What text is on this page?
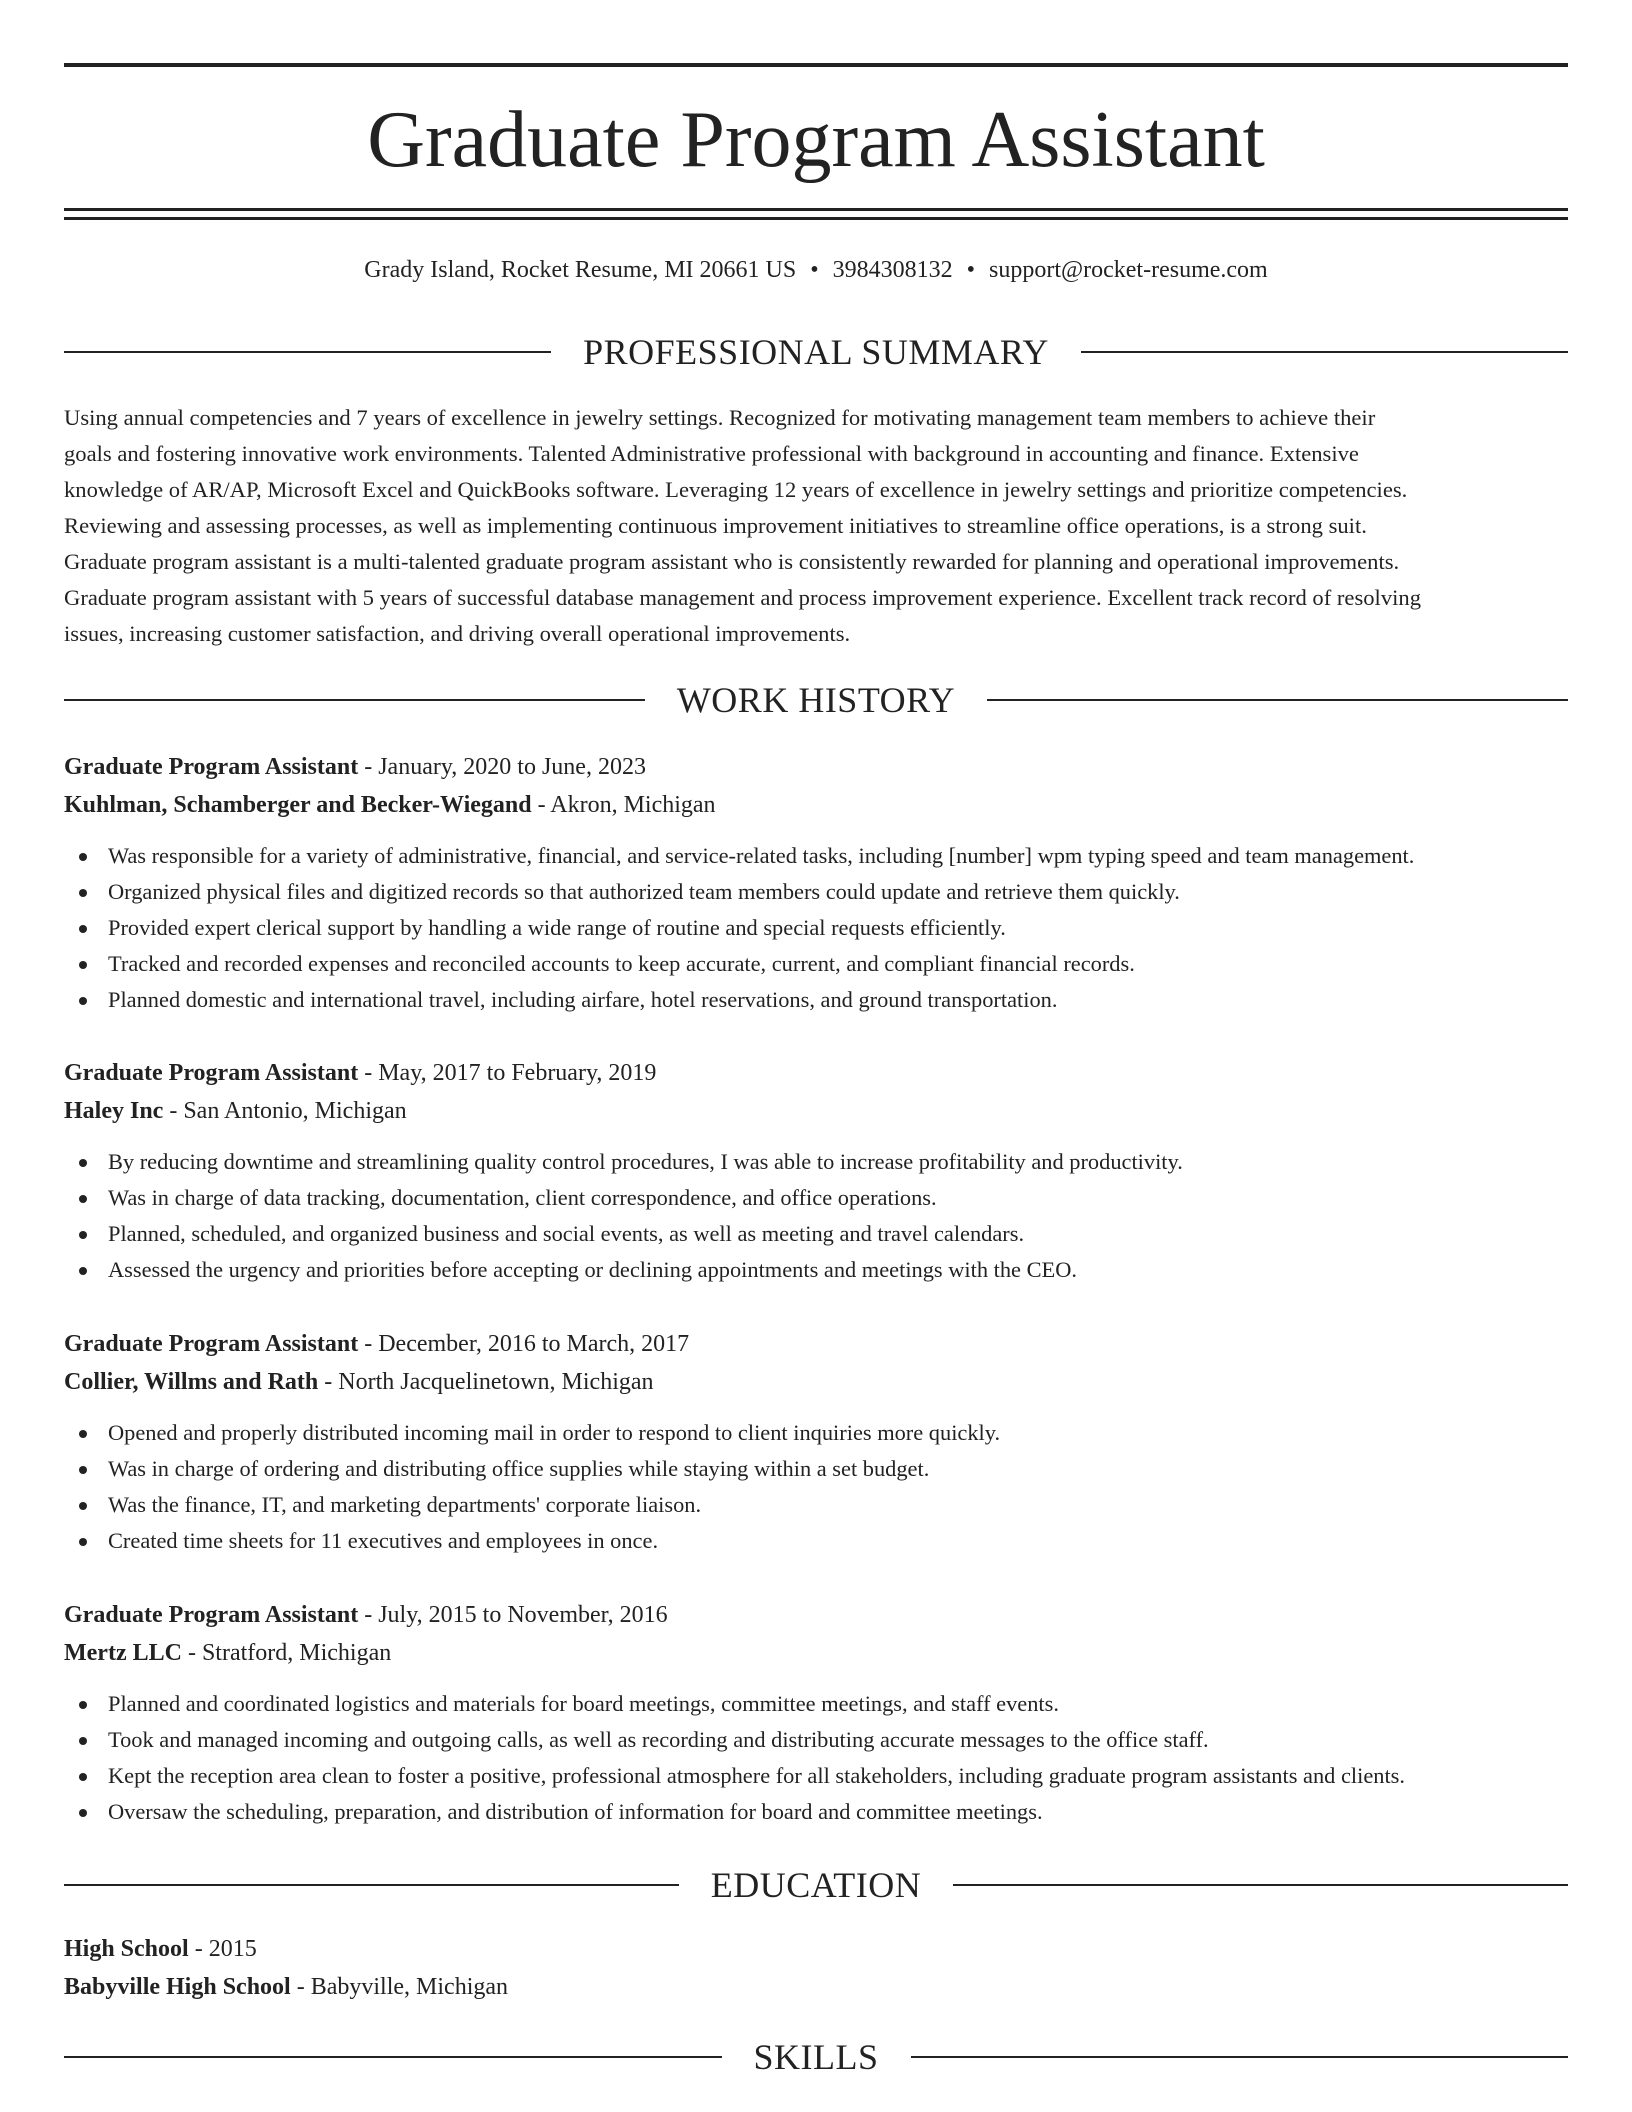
Graduate Program Assistant
Grady Island, Rocket Resume, MI 20661 US • 3984308132 • support@rocket-resume.com
PROFESSIONAL SUMMARY
Using annual competencies and 7 years of excellence in jewelry settings. Recognized for motivating management team members to achieve their
goals and fostering innovative work environments. Talented Administrative professional with background in accounting and finance. Extensive
knowledge of AR/AP, Microsoft Excel and QuickBooks software. Leveraging 12 years of excellence in jewelry settings and prioritize competencies.
Reviewing and assessing processes, as well as implementing continuous improvement initiatives to streamline office operations, is a strong suit.
Graduate program assistant is a multi-talented graduate program assistant who is consistently rewarded for planning and operational improvements.
Graduate program assistant with 5 years of successful database management and process improvement experience. Excellent track record of resolving
issues, increasing customer satisfaction, and driving overall operational improvements.
WORK HISTORY
Graduate Program Assistant - January, 2020 to June, 2023
Kuhlman, Schamberger and Becker-Wiegand - Akron, Michigan
Was responsible for a variety of administrative, financial, and service-related tasks, including [number] wpm typing speed and team management.
Organized physical files and digitized records so that authorized team members could update and retrieve them quickly.
Provided expert clerical support by handling a wide range of routine and special requests efficiently.
Tracked and recorded expenses and reconciled accounts to keep accurate, current, and compliant financial records.
Planned domestic and international travel, including airfare, hotel reservations, and ground transportation.
Graduate Program Assistant - May, 2017 to February, 2019
Haley Inc - San Antonio, Michigan
By reducing downtime and streamlining quality control procedures, I was able to increase profitability and productivity.
Was in charge of data tracking, documentation, client correspondence, and office operations.
Planned, scheduled, and organized business and social events, as well as meeting and travel calendars.
Assessed the urgency and priorities before accepting or declining appointments and meetings with the CEO.
Graduate Program Assistant - December, 2016 to March, 2017
Collier, Willms and Rath - North Jacquelinetown, Michigan
Opened and properly distributed incoming mail in order to respond to client inquiries more quickly.
Was in charge of ordering and distributing office supplies while staying within a set budget.
Was the finance, IT, and marketing departments' corporate liaison.
Created time sheets for 11 executives and employees in once.
Graduate Program Assistant - July, 2015 to November, 2016
Mertz LLC - Stratford, Michigan
Planned and coordinated logistics and materials for board meetings, committee meetings, and staff events.
Took and managed incoming and outgoing calls, as well as recording and distributing accurate messages to the office staff.
Kept the reception area clean to foster a positive, professional atmosphere for all stakeholders, including graduate program assistants and clients.
Oversaw the scheduling, preparation, and distribution of information for board and committee meetings.
EDUCATION
High School - 2015
Babyville High School - Babyville, Michigan
SKILLS
